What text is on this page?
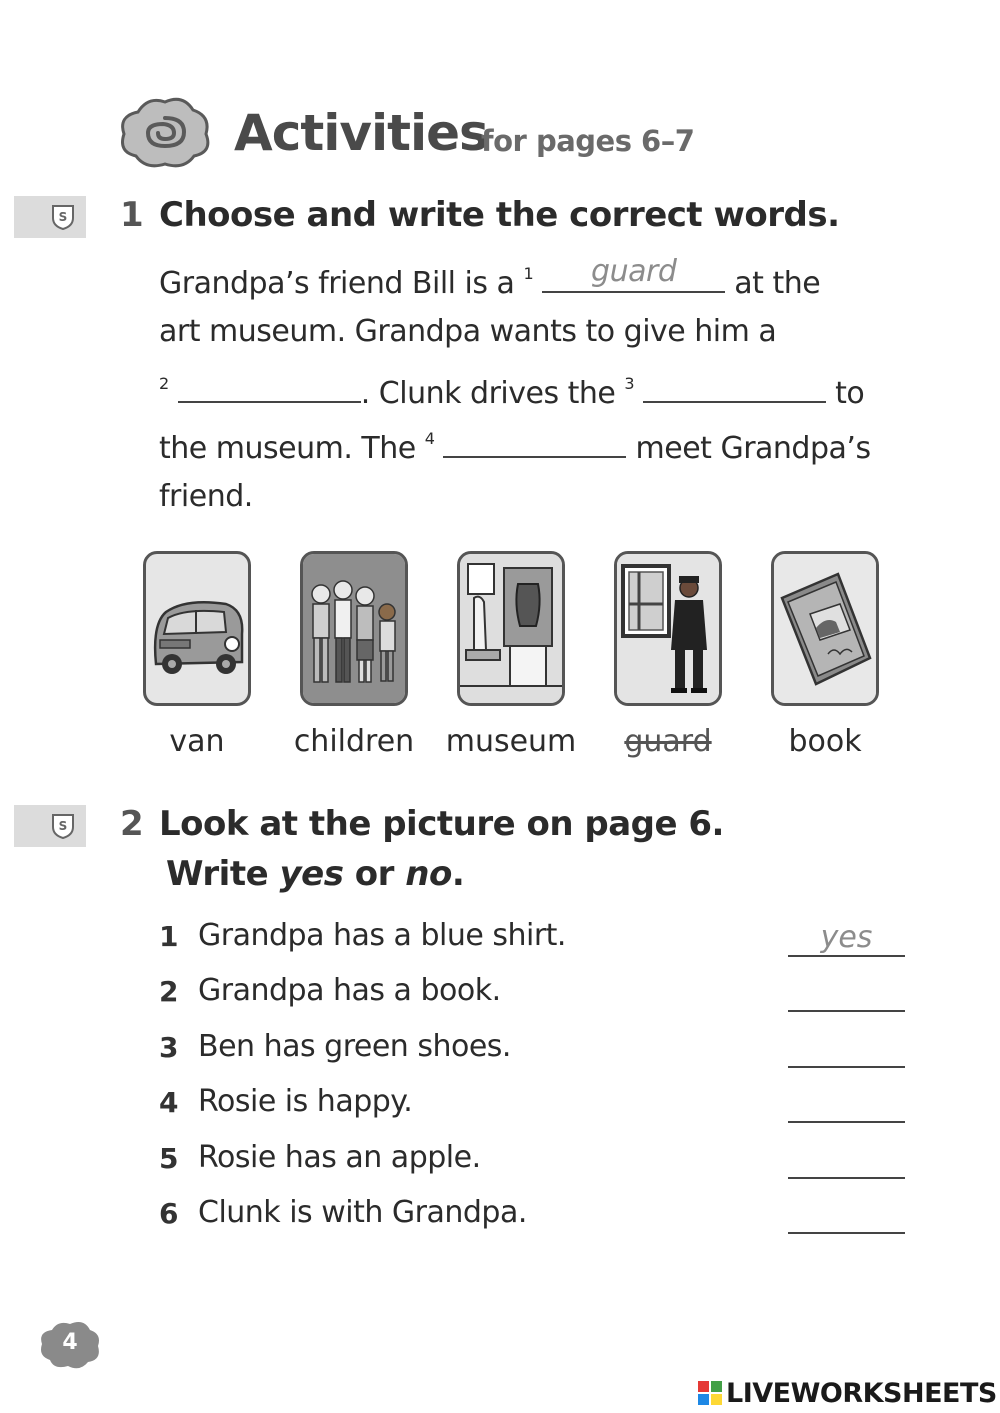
Activities
for pages 6–7
S 1 Choose and write the correct words.
Grandpa’s friend Bill is a $^1$	guard	at the
art museum. Grandpa wants to give him a
$^2$	. Clunk drives the $^3$	to
the museum. The $^4$	meet Grandpa’s
friend.
van	children	museum	guard	book
S 2 Look at the picture on page 6.
Write yes or no.
1 Grandpa has a blue shirt.	yes
2 Grandpa has a book.
3 Ben has green shoes.
4 Rosie is happy.
5 Rosie has an apple.
6 Clunk is with Grandpa.
4
LIVEWORKSHEETS
